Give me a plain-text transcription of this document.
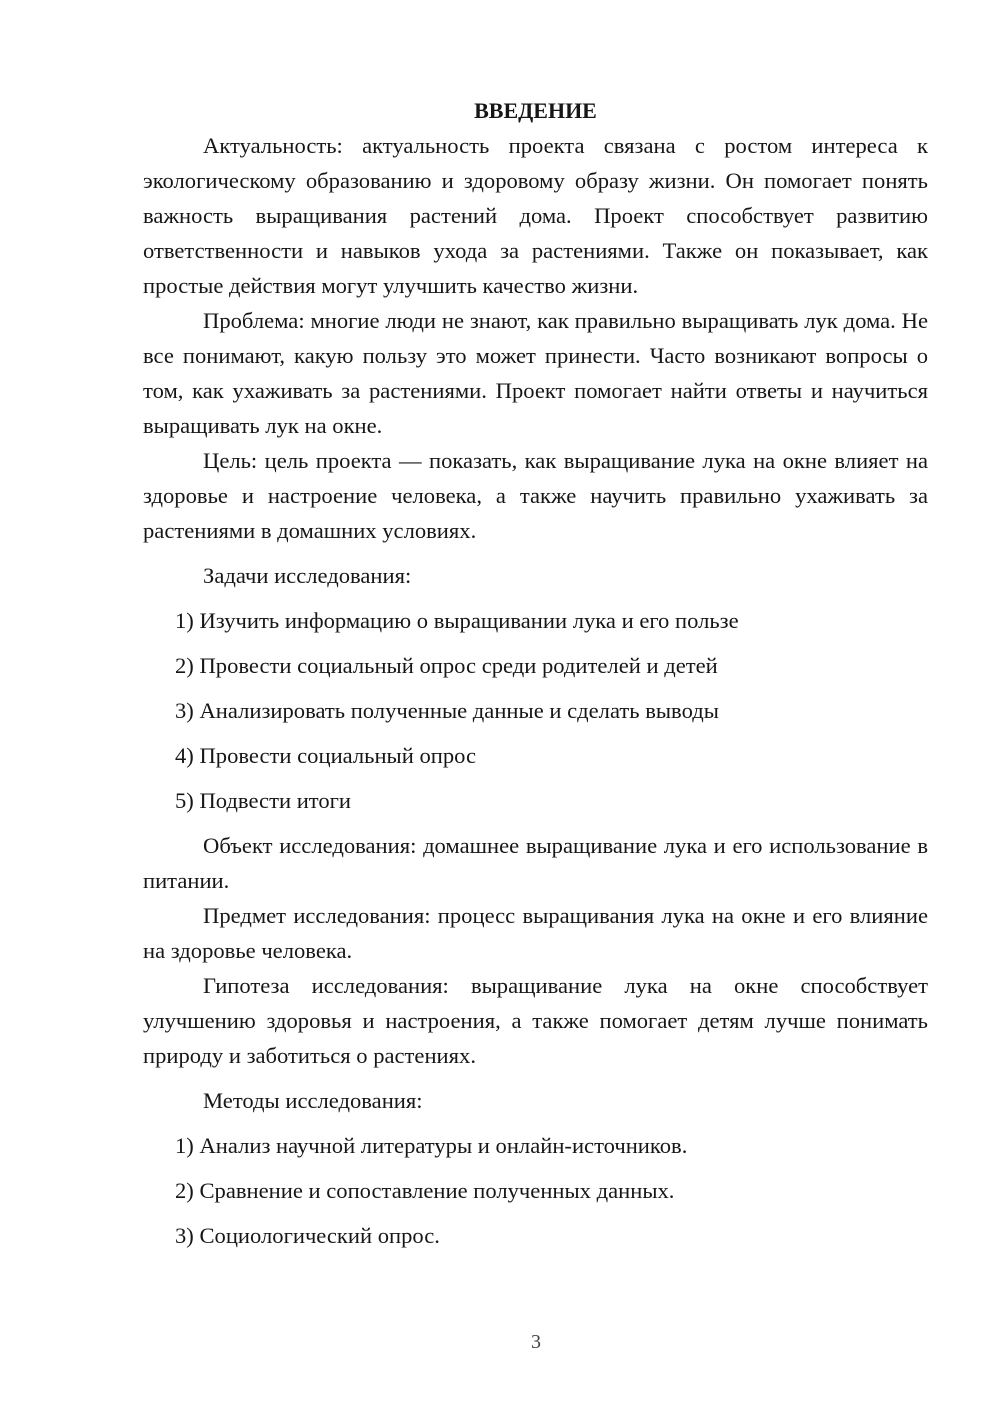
ВВЕДЕНИЕ

Актуальность: актуальность проекта связана с ростом интереса к экологическому образованию и здоровому образу жизни. Он помогает понять важность выращивания растений дома. Проект способствует развитию ответственности и навыков ухода за растениями. Также он показывает, как простые действия могут улучшить качество жизни.

Проблема: многие люди не знают, как правильно выращивать лук дома. Не все понимают, какую пользу это может принести. Часто возникают вопросы о том, как ухаживать за растениями. Проект помогает найти ответы и научиться выращивать лук на окне.

Цель: цель проекта — показать, как выращивание лука на окне влияет на здоровье и настроение человека, а также научить правильно ухаживать за растениями в домашних условиях.

Задачи исследования:

1) Изучить информацию о выращивании лука и его пользе
2) Провести социальный опрос среди родителей и детей
3) Анализировать полученные данные и сделать выводы
4) Провести социальный опрос
5) Подвести итоги

Объект исследования: домашнее выращивание лука и его использование в питании.

Предмет исследования: процесс выращивания лука на окне и его влияние на здоровье человека.

Гипотеза исследования: выращивание лука на окне способствует улучшению здоровья и настроения, а также помогает детям лучше понимать природу и заботиться о растениях.

Методы исследования:

1) Анализ научной литературы и онлайн-источников.
2) Сравнение и сопоставление полученных данных.
3) Социологический опрос.
3
